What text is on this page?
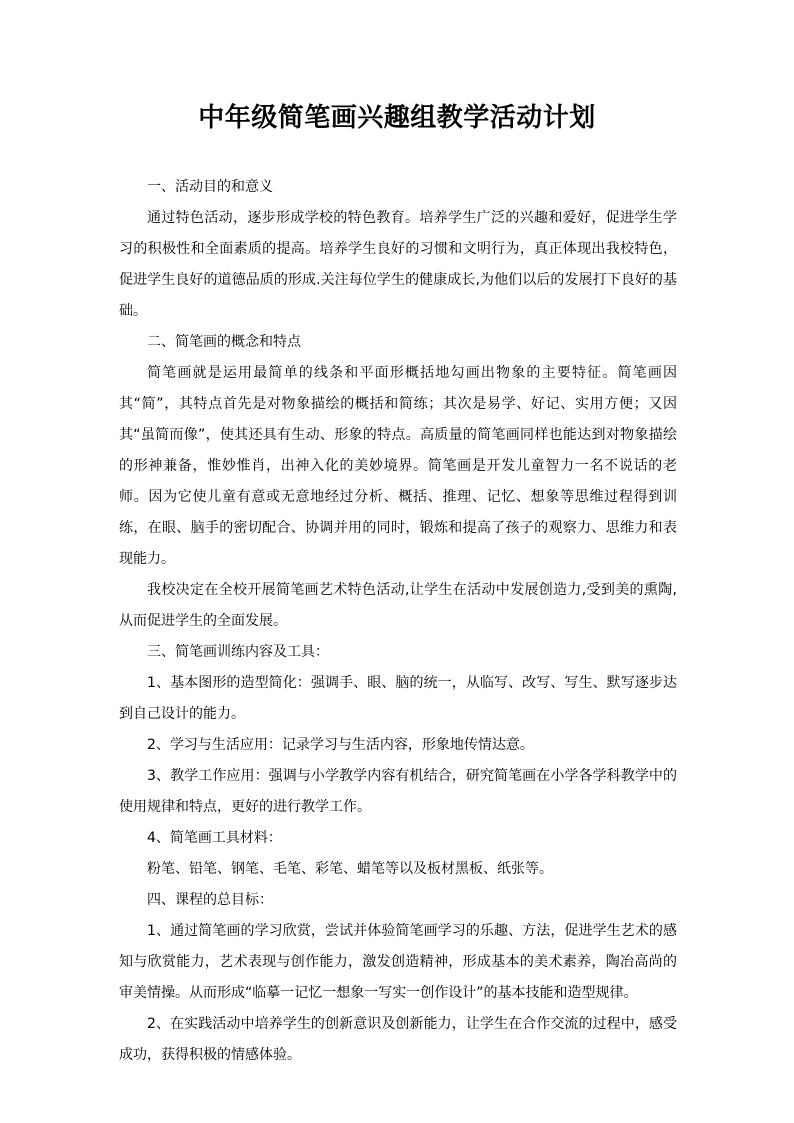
中年级简笔画兴趣组教学活动计划

一、活动目的和意义

通过特色活动，逐步形成学校的特色教育。培养学生广泛的兴趣和爱好，促进学生学习的积极性和全面素质的提高。培养学生良好的习惯和文明行为，真正体现出我校特色，促进学生良好的道德品质的形成.关注每位学生的健康成长,为他们以后的发展打下良好的基础。

二、简笔画的概念和特点

简笔画就是运用最简单的线条和平面形概括地勾画出物象的主要特征。简笔画因其“简”，其特点首先是对物象描绘的概括和简练；其次是易学、好记、实用方便；又因其“虽简而像”，使其还具有生动、形象的特点。高质量的简笔画同样也能达到对物象描绘的形神兼备，惟妙惟肖，出神入化的美妙境界。简笔画是开发儿童智力一名不说话的老师。因为它使儿童有意或无意地经过分析、概括、推理、记忆、想象等思维过程得到训练，在眼、脑手的密切配合、协调并用的同时，锻炼和提高了孩子的观察力、思维力和表现能力。

我校决定在全校开展简笔画艺术特色活动,让学生在活动中发展创造力,受到美的熏陶,从而促进学生的全面发展。

三、简笔画训练内容及工具：

1、基本图形的造型简化：强调手、眼、脑的统一，从临写、改写、写生、默写逐步达到自己设计的能力。

2、学习与生活应用：记录学习与生活内容，形象地传情达意。

3、教学工作应用：强调与小学教学内容有机结合，研究简笔画在小学各学科教学中的使用规律和特点，更好的进行教学工作。

4、简笔画工具材料：

粉笔、铅笔、钢笔、毛笔、彩笔、蜡笔等以及板材黑板、纸张等。

四、课程的总目标：

1、通过简笔画的学习欣赏，尝试并体验简笔画学习的乐趣、方法，促进学生艺术的感知与欣赏能力，艺术表现与创作能力，激发创造精神，形成基本的美术素养，陶冶高尚的审美情操。从而形成“临摹一记忆一想象一写实一创作设计”的基本技能和造型规律。

2、在实践活动中培养学生的创新意识及创新能力，让学生在合作交流的过程中，感受成功，获得积极的情感体验。
